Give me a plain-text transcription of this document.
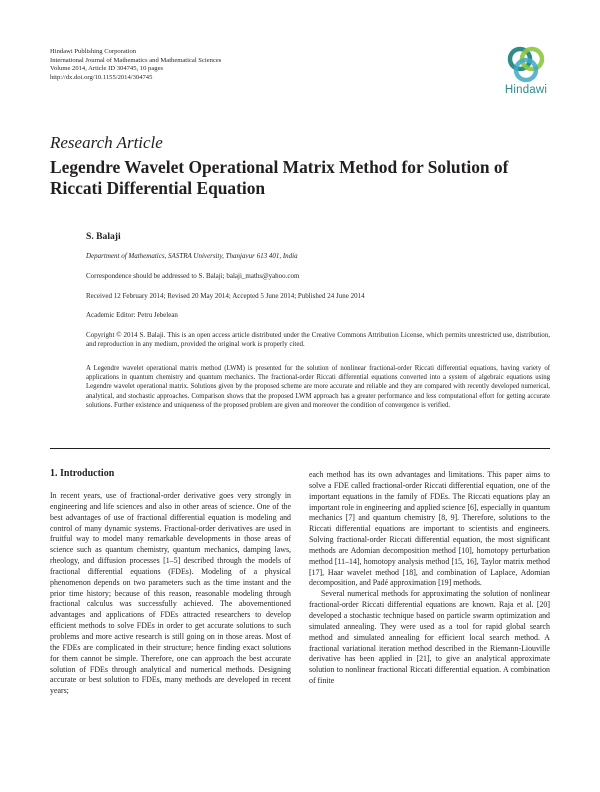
Hindawi Publishing Corporation
International Journal of Mathematics and Mathematical Sciences
Volume 2014, Article ID 304745, 10 pages
http://dx.doi.org/10.1155/2014/304745
Hindawi
Research Article
Legendre Wavelet Operational Matrix Method for Solution of Riccati Differential Equation
S. Balaji
Department of Mathematics, SASTRA University, Thanjavur 613 401, India
Correspondence should be addressed to S. Balaji; balaji_maths@yahoo.com
Received 12 February 2014; Revised 20 May 2014; Accepted 5 June 2014; Published 24 June 2014
Academic Editor: Petru Jebelean
Copyright © 2014 S. Balaji. This is an open access article distributed under the Creative Commons Attribution License, which permits unrestricted use, distribution, and reproduction in any medium, provided the original work is properly cited.
A Legendre wavelet operational matrix method (LWM) is presented for the solution of nonlinear fractional-order Riccati differential equations, having variety of applications in quantum chemistry and quantum mechanics. The fractional-order Riccati differential equations converted into a system of algebraic equations using Legendre wavelet operational matrix. Solutions given by the proposed scheme are more accurate and reliable and they are compared with recently developed numerical, analytical, and stochastic approaches. Comparison shows that the proposed LWM approach has a greater performance and less computational effort for getting accurate solutions. Further existence and uniqueness of the proposed problem are given and moreover the condition of convergence is verified.
1. Introduction

In recent years, use of fractional-order derivative goes very strongly in engineering and life sciences and also in other areas of science. One of the best advantages of use of fractional differential equation is modeling and control of many dynamic systems. Fractional-order derivatives are used in fruitful way to model many remarkable developments in those areas of science such as quantum chemistry, quantum mechanics, damping laws, rheology, and diffusion processes [1–5] described through the models of fractional differential equations (FDEs). Modeling of a physical phenomenon depends on two parameters such as the time instant and the prior time history; because of this reason, reasonable modeling through fractional calculus was successfully achieved. The abovementioned advantages and applications of FDEs attracted researchers to develop efficient methods to solve FDEs in order to get accurate solutions to such problems and more active research is still going on in those areas. Most of the FDEs are complicated in their structure; hence finding exact solutions for them cannot be simple. Therefore, one can approach the best accurate solution of FDEs through analytical and numerical methods. Designing accurate or best solution to FDEs, many methods are developed in recent years;

each method has its own advantages and limitations. This paper aims to solve a FDE called fractional-order Riccati differential equation, one of the important equations in the family of FDEs. The Riccati equations play an important role in engineering and applied science [6], especially in quantum mechanics [7] and quantum chemistry [8, 9]. Therefore, solutions to the Riccati differential equations are important to scientists and engineers. Solving fractional-order Riccati differential equation, the most significant methods are Adomian decomposition method [10], homotopy perturbation method [11–14], homotopy analysis method [15, 16], Taylor matrix method [17], Haar wavelet method [18], and combination of Laplace, Adomian decomposition, and Padé approximation [19] methods.

Several numerical methods for approximating the solution of nonlinear fractional-order Riccati differential equations are known. Raja et al. [20] developed a stochastic technique based on particle swarm optimization and simulated annealing. They were used as a tool for rapid global search method and simulated annealing for efficient local search method. A fractional variational iteration method described in the Riemann-Liouville derivative has been applied in [21], to give an analytical approximate solution to nonlinear fractional Riccati differential equation. A combination of finite
